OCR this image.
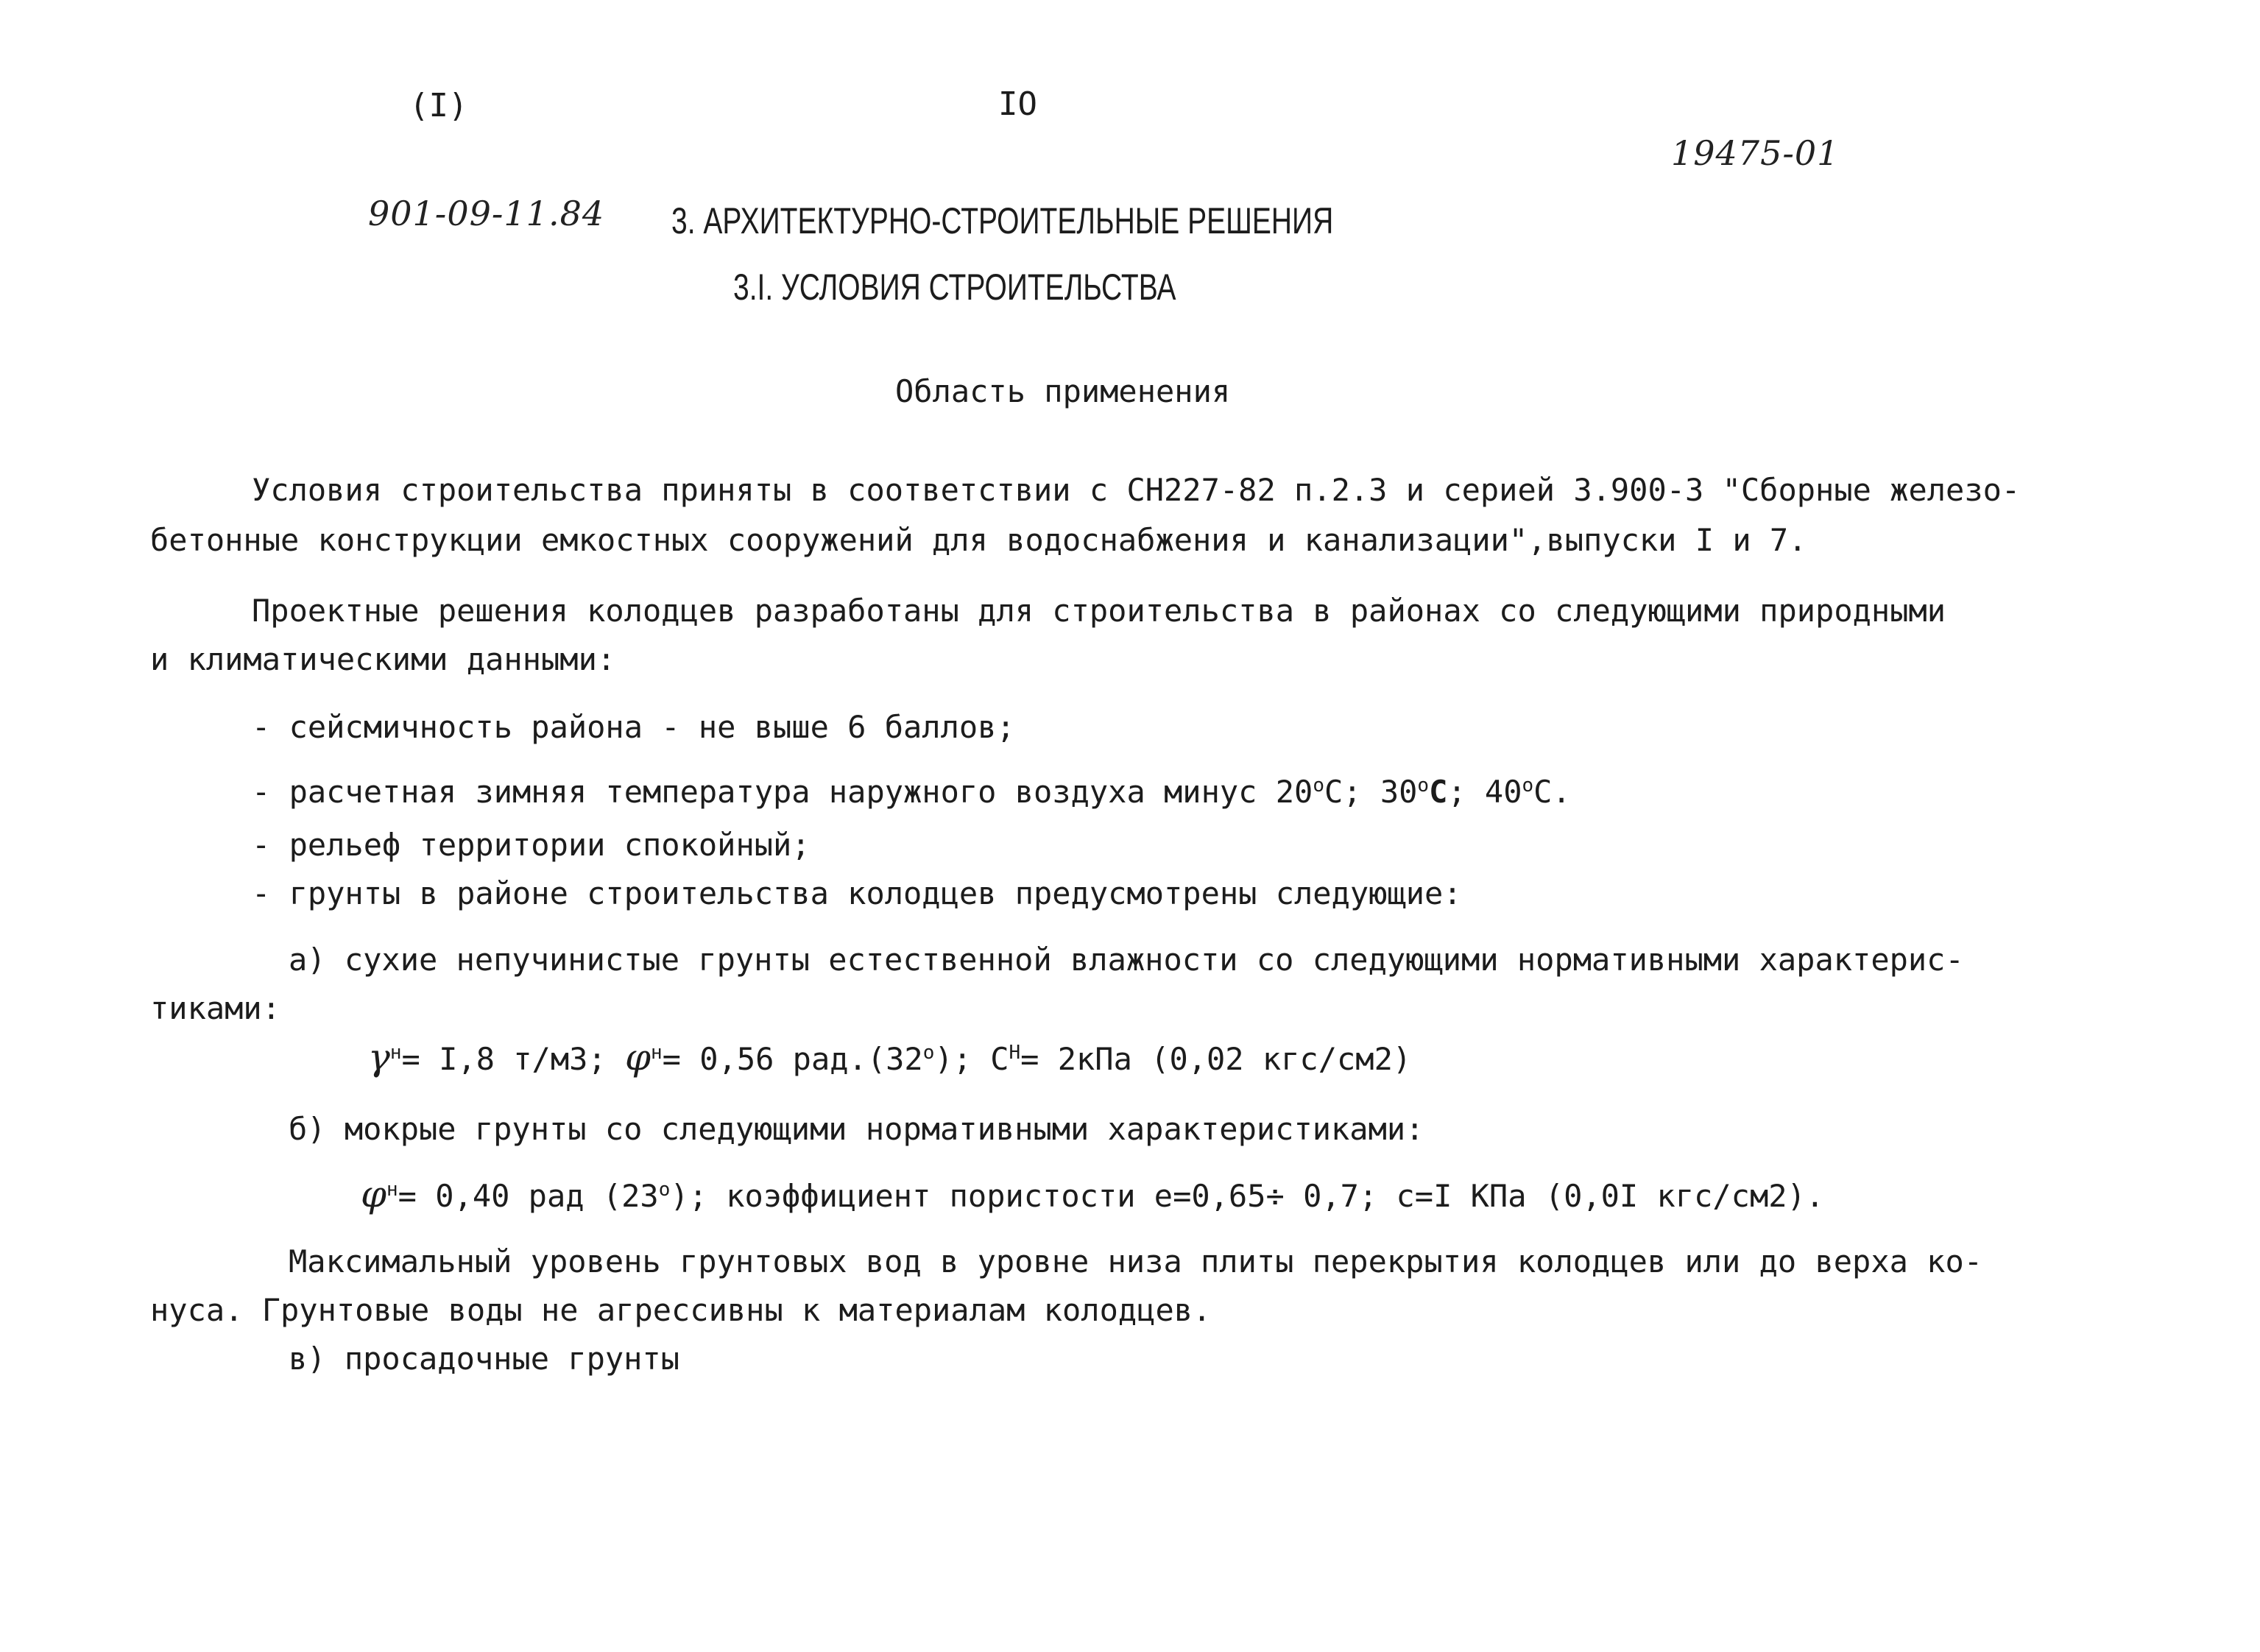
(I)	IO
19475-01
901-09-11.84 3. АРХИТЕКТУРНО-СТРОИТЕЛЬНЫЕ РЕШЕНИЯ
3.I. УСЛОВИЯ СТРОИТЕЛЬСТВА
Область применения
Условия строительства приняты в соответствии с СН227-82 п.2.3 и серией 3.900-3 "Сборные железо-
бетонные конструкции емкостных сооружений для водоснабжения и канализации",выпуски I и 7.
Проектные решения колодцев разработаны для строительства в районах со следующими природными
и климатическими данными:
- сейсмичность района - не выше 6 баллов;
- расчетная зимняя температура наружного воздуха минус $20^оС$; $30^оС$; $40^оС$.
- рельеф территории спокойный;
- грунты в районе строительства колодцев предусмотрены следующие:
а) сухие непучинистые грунты естественной влажности со следующими нормативными характерис-
тиками:
$\gamma^н= I,8$ т/м3; $\varphi^н= 0,56$ $рад.(32^о)$; $С^Н= 2кПа$ (0,02 кгс/см2)
б) мокрые грунты со следующими нормативными характеристиками:
$\varphi^н= 0,40$ рад $(23^о)$; коэффициент пористости е=0,65÷ 0,7; с=I КПа (0,0I кгс/см2).
Максимальный уровень грунтовых вод в уровне низа плиты перекрытия колодцев или до верха ко-
нуса. Грунтовые воды не агрессивны к материалам колодцев.
в) просадочные грунты
